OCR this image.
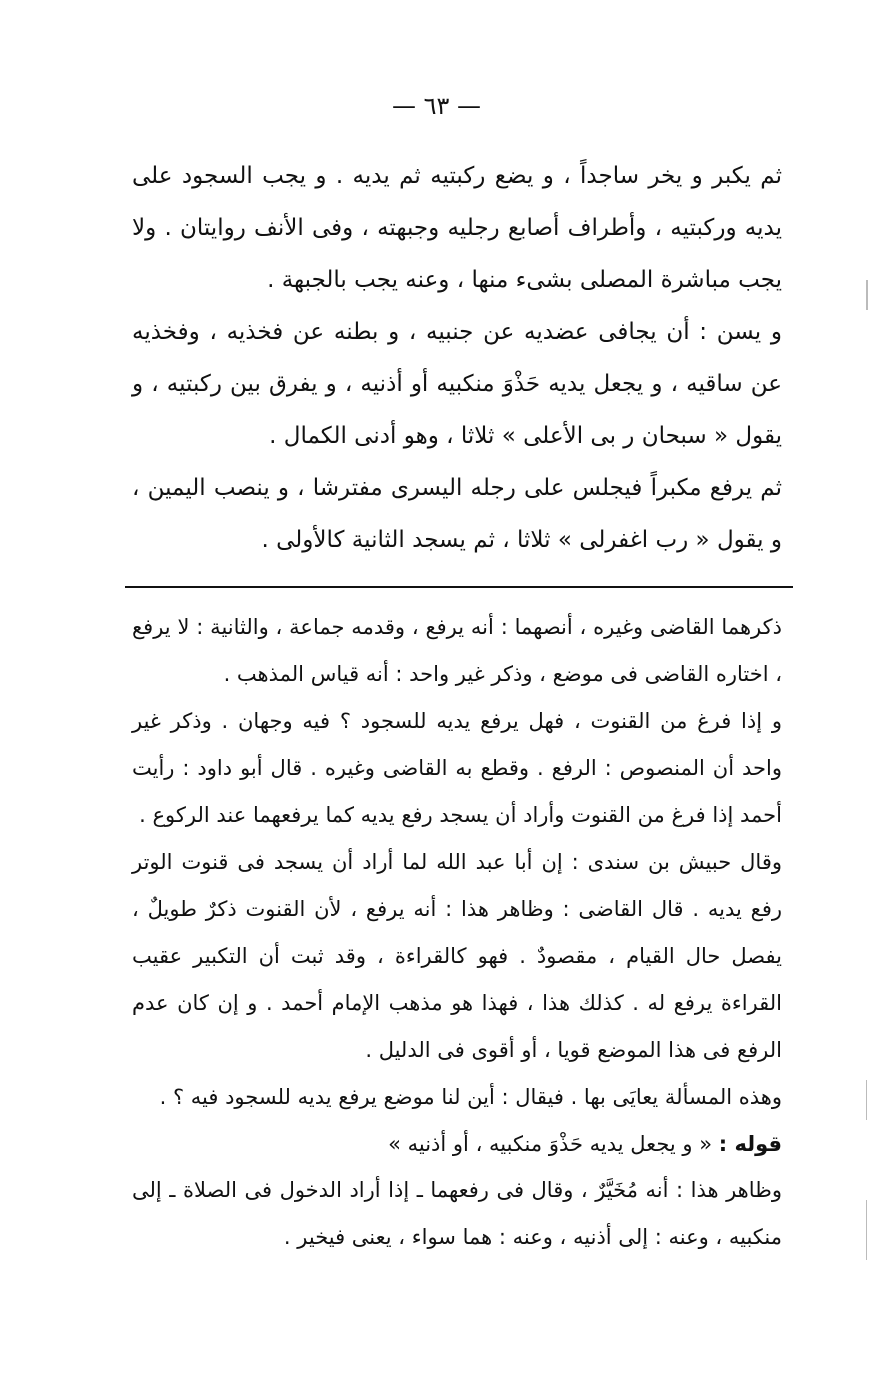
— ٦٣ —

ثم يكبر و يخر ساجداً ، و يضع ركبتيه ثم يديه . و يجب السجود على يديه وركبتيه ، وأطراف أصابع رجليه وجبهته ، وفى الأنف روايتان . ولا يجب مباشرة المصلى بشىء منها ، وعنه يجب بالجبهة .

و يسن : أن يجافى عضديه عن جنبيه ، و بطنه عن فخذيه ، وفخذيه عن ساقيه ، و يجعل يديه حَذْوَ منكبيه أو أذنيه ، و يفرق بين ركبتيه ، و يقول « سبحان ر بى الأعلى » ثلاثا ، وهو أدنى الكمال .

ثم يرفع مكبراً فيجلس على رجله اليسرى مفترشا ، و ينصب اليمين ، و يقول « رب اغفرلى » ثلاثا ، ثم يسجد الثانية كالأولى .

ذكرهما القاضى وغيره ، أنصهما : أنه يرفع ، وقدمه جماعة ، والثانية : لا يرفع ، اختاره القاضى فى موضع ، وذكر غير واحد : أنه قياس المذهب .

و إذا فرغ من القنوت ، فهل يرفع يديه للسجود ؟ فيه وجهان . وذكر غير واحد أن المنصوص : الرفع . وقطع به القاضى وغيره . قال أبو داود : رأيت أحمد إذا فرغ من القنوت وأراد أن يسجد رفع يديه كما يرفعهما عند الركوع .

وقال حبيش بن سندى : إن أبا عبد الله لما أراد أن يسجد فى قنوت الوتر رفع يديه . قال القاضى : وظاهر هذا : أنه يرفع ، لأن القنوت ذكرٌ طويلٌ ، يفصل حال القيام ، مقصودٌ . فهو كالقراءة ، وقد ثبت أن التكبير عقيب القراءة يرفع له . كذلك هذا ، فهذا هو مذهب الإمام أحمد . و إن كان عدم الرفع فى هذا الموضع قويا ، أو أقوى فى الدليل .

وهذه المسألة يعايَى بها . فيقال : أين لنا موضع يرفع يديه للسجود فيه ؟ .

قوله : « و يجعل يديه حَذْوَ منكبيه ، أو أذنيه »

وظاهر هذا : أنه مُخَيَّرٌ ، وقال فى رفعهما ـ إذا أراد الدخول فى الصلاة ـ إلى منكبيه ، وعنه : إلى أذنيه ، وعنه : هما سواء ، يعنى فيخير .
